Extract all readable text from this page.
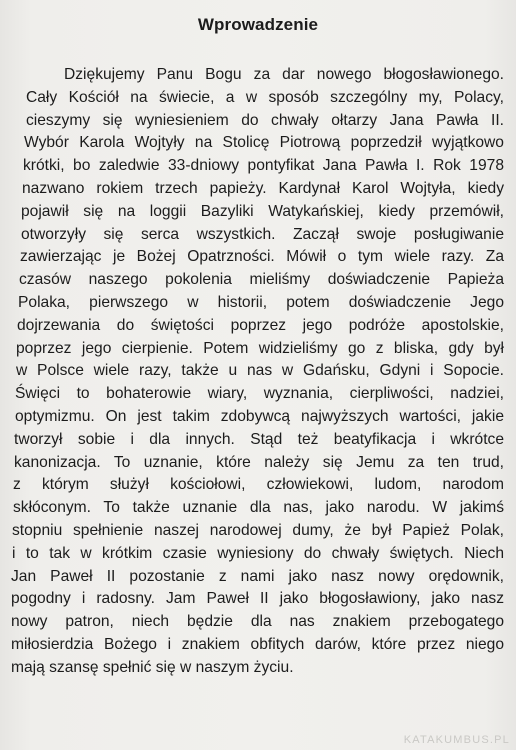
Wprowadzenie
Dziękujemy Panu Bogu za dar nowego błogosławionego.
Cały Kościół na świecie, a w sposób szczególny my, Polacy,
cieszymy się wyniesieniem do chwały ołtarzy Jana Pawła II.
Wybór Karola Wojtyły na Stolicę Piotrową poprzedził wyjątkowo
krótki, bo zaledwie 33-dniowy pontyfikat Jana Pawła I. Rok 1978
nazwano rokiem trzech papieży. Kardynał Karol Wojtyła, kiedy
pojawił się na loggii Bazyliki Watykańskiej, kiedy przemówił,
otworzyły się serca wszystkich. Zaczął swoje posługiwanie
zawierzając je Bożej Opatrzności. Mówił o tym wiele razy. Za
czasów naszego pokolenia mieliśmy doświadczenie Papieża
Polaka, pierwszego w historii, potem doświadczenie Jego
dojrzewania do świętości poprzez jego podróże apostolskie,
poprzez jego cierpienie. Potem widzieliśmy go z bliska, gdy był
w Polsce wiele razy, także u nas w Gdańsku, Gdyni i Sopocie.
Święci to bohaterowie wiary, wyznania, cierpliwości, nadziei,
optymizmu. On jest takim zdobywcą najwyższych wartości, jakie
tworzył sobie i dla innych. Stąd też beatyfikacja i wkrótce
kanonizacja. To uznanie, które należy się Jemu za ten trud,
z którym służył kościołowi, człowiekowi, ludom, narodom
skłóconym. To także uznanie dla nas, jako narodu. W jakimś
stopniu spełnienie naszej narodowej dumy, że był Papież Polak,
i to tak w krótkim czasie wyniesiony do chwały świętych. Niech
Jan Paweł II pozostanie z nami jako nasz nowy orędownik,
pogodny i radosny. Jam Paweł II jako błogosławiony, jako nasz
nowy patron, niech będzie dla nas znakiem przebogatego
miłosierdzia Bożego i znakiem obfitych darów, które przez niego
mają szansę spełnić się w naszym życiu.
KATAKUMBUS.PL
